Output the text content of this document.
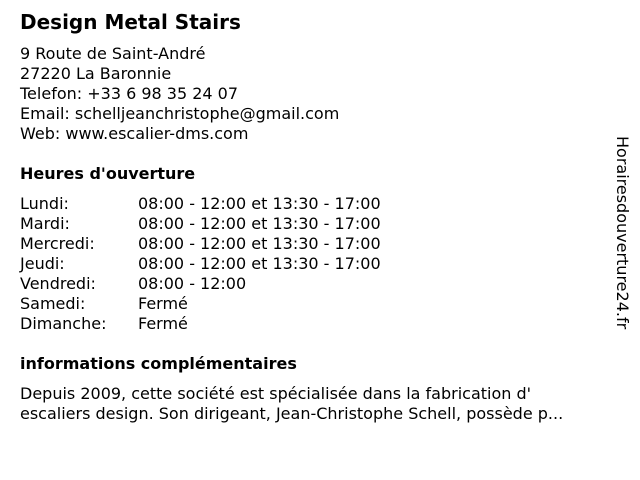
Design Metal Stairs
9 Route de Saint-André
27220 La Baronnie
Telefon: +33 6 98 35 24 07
Email: schelljeanchristophe@gmail.com
Web: www.escalier-dms.com
Heures d'ouverture
Lundi:	08:00 - 12:00 et 13:30 - 17:00
Mardi:	08:00 - 12:00 et 13:30 - 17:00
Mercredi:	08:00 - 12:00 et 13:30 - 17:00
Jeudi:	08:00 - 12:00 et 13:30 - 17:00
Vendredi:	08:00 - 12:00
Samedi:	Fermé
Dimanche:	Fermé
informations complémentaires
Depuis 2009, cette société est spécialisée dans la fabrication d'
escaliers design. Son dirigeant, Jean-Christophe Schell, possède p...
Horairesdouverture24.fr
